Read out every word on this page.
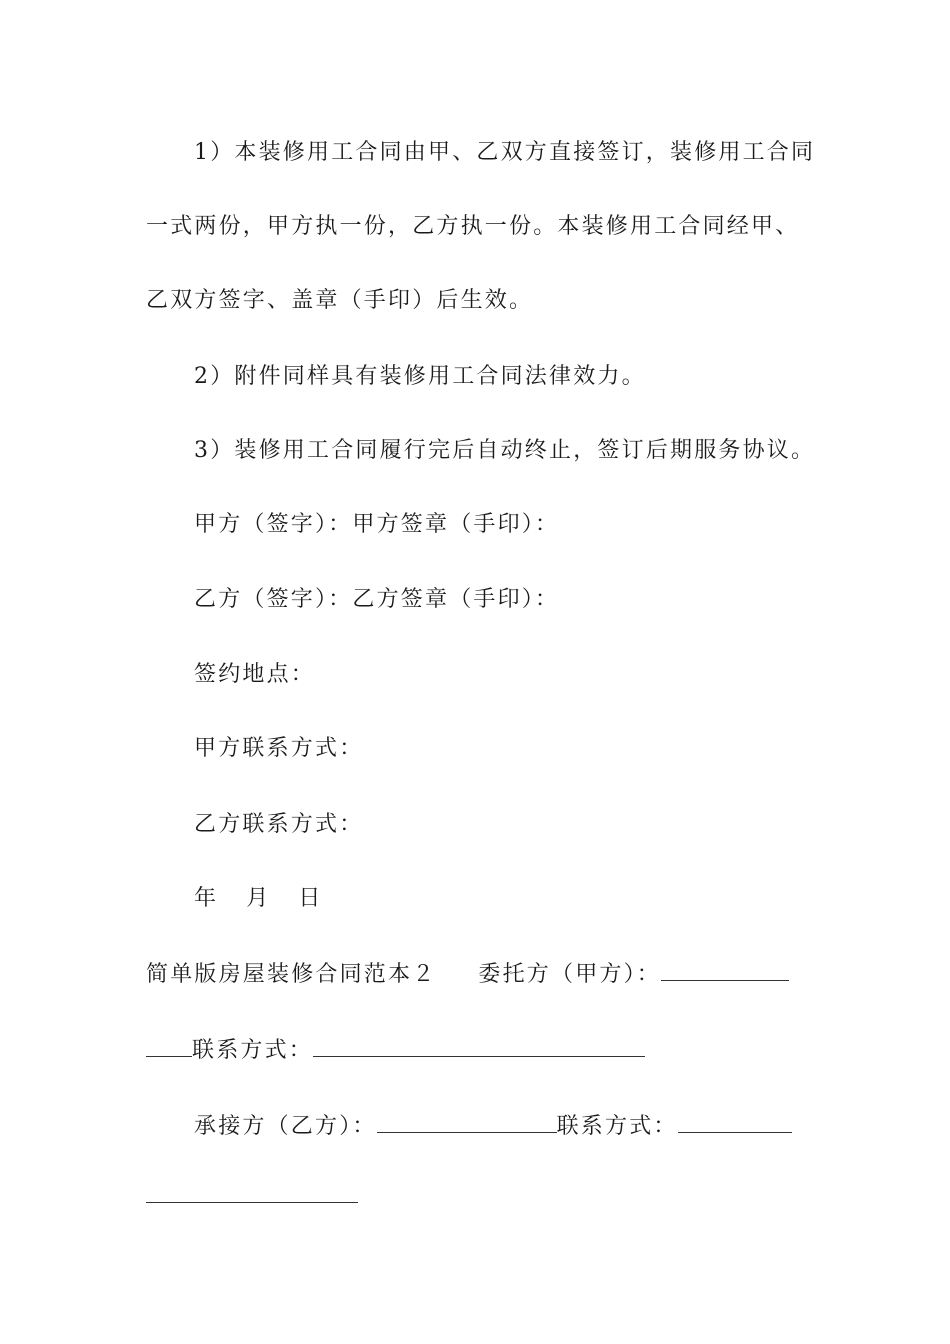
1）本装修用工合同由甲、乙双方直接签订，装修用工合同
一式两份，甲方执一份，乙方执一份。本装修用工合同经甲、
乙双方签字、盖章（手印）后生效。
2）附件同样具有装修用工合同法律效力。
3）装修用工合同履行完后自动终止，签订后期服务协议。
甲方（签字）：甲方签章（手印）：
乙方（签字）：乙方签章（手印）：
签约地点：
甲方联系方式：
乙方联系方式：
年 月 日
简单版房屋装修合同范本２ 委托方（甲方）：
联系方式：
承接方（乙方）：	联系方式：
